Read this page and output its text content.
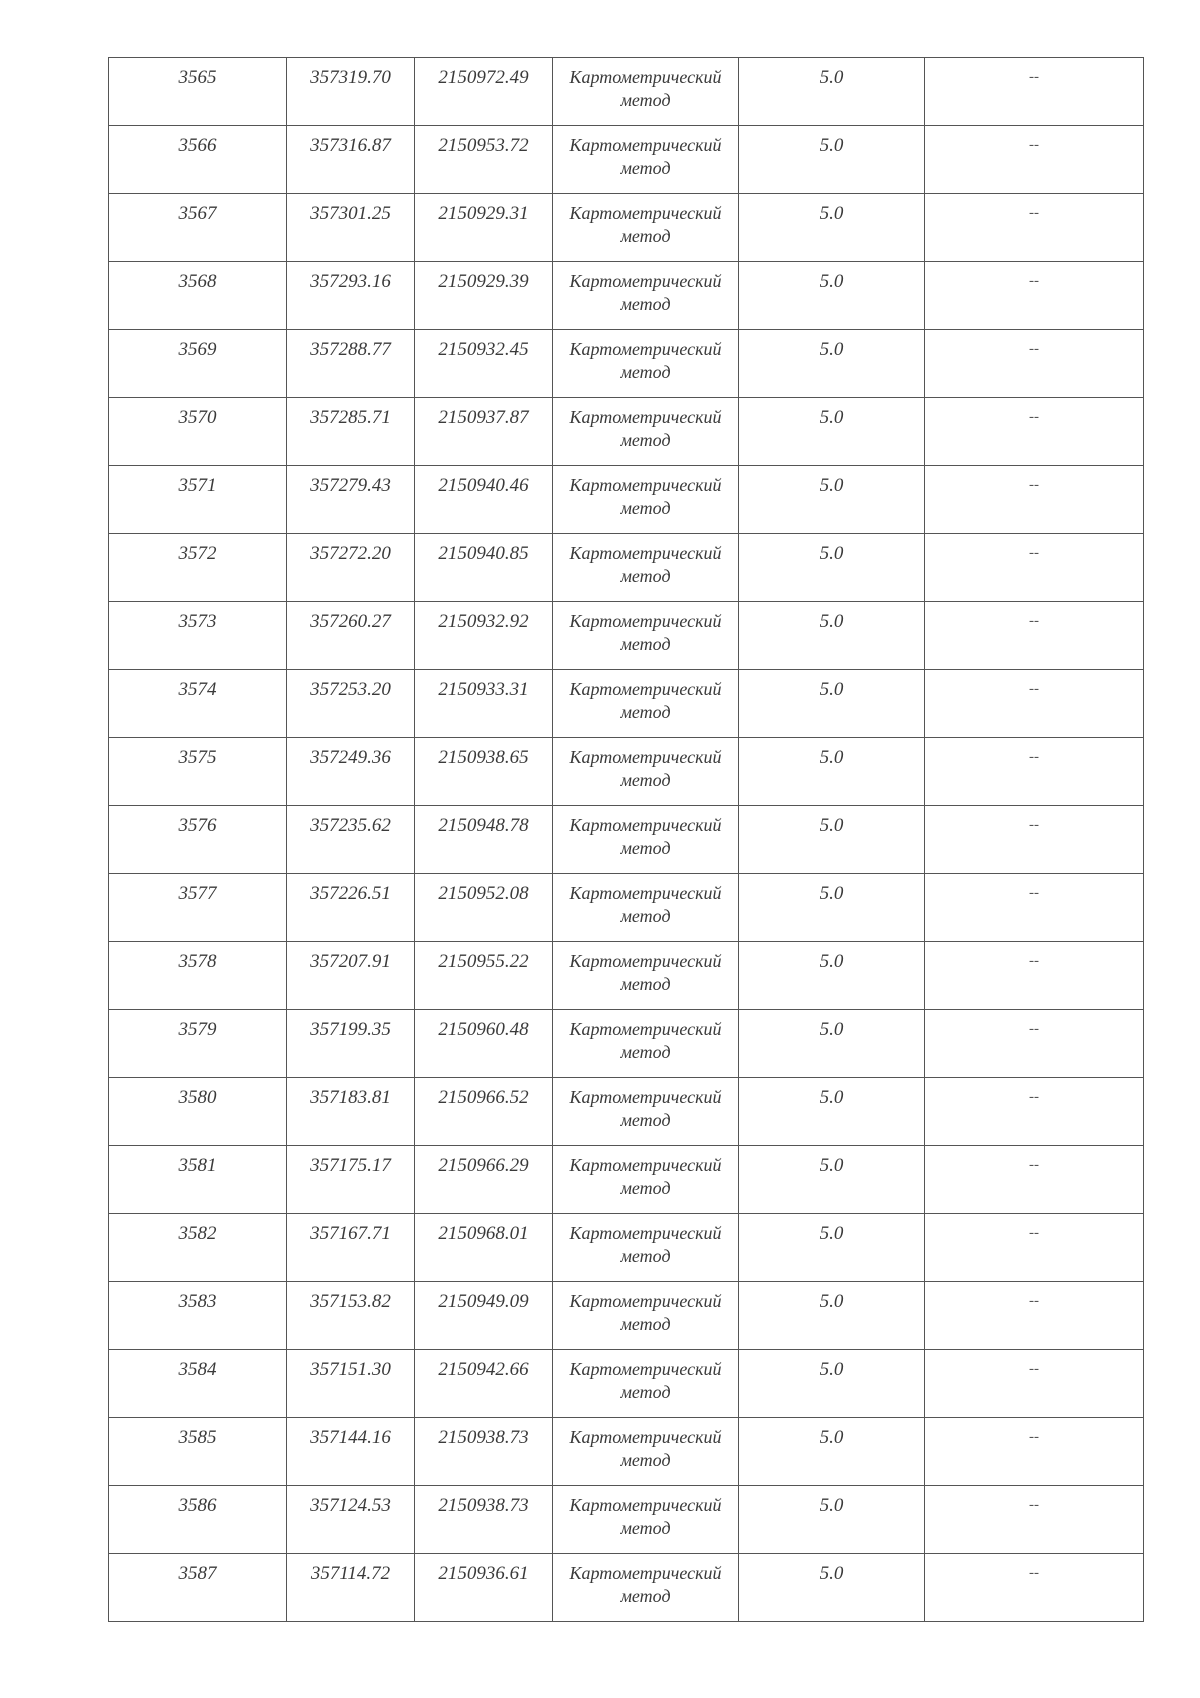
3565	357319.70	2150972.49	Картометрический метод	5.0	--

3566	357316.87	2150953.72	Картометрический метод	5.0	--

3567	357301.25	2150929.31	Картометрический метод	5.0	--

3568	357293.16	2150929.39	Картометрический метод	5.0	--

3569	357288.77	2150932.45	Картометрический метод	5.0	--

3570	357285.71	2150937.87	Картометрический метод	5.0	--

3571	357279.43	2150940.46	Картометрический метод	5.0	--

3572	357272.20	2150940.85	Картометрический метод	5.0	--

3573	357260.27	2150932.92	Картометрический метод	5.0	--

3574	357253.20	2150933.31	Картометрический метод	5.0	--

3575	357249.36	2150938.65	Картометрический метод	5.0	--

3576	357235.62	2150948.78	Картометрический метод	5.0	--

3577	357226.51	2150952.08	Картометрический метод	5.0	--

3578	357207.91	2150955.22	Картометрический метод	5.0	--

3579	357199.35	2150960.48	Картометрический метод	5.0	--

3580	357183.81	2150966.52	Картометрический метод	5.0	--

3581	357175.17	2150966.29	Картометрический метод	5.0	--

3582	357167.71	2150968.01	Картометрический метод	5.0	--

3583	357153.82	2150949.09	Картометрический метод	5.0	--

3584	357151.30	2150942.66	Картометрический метод	5.0	--

3585	357144.16	2150938.73	Картометрический метод	5.0	--

3586	357124.53	2150938.73	Картометрический метод	5.0	--

3587	357114.72	2150936.61	Картометрический метод	5.0	--
